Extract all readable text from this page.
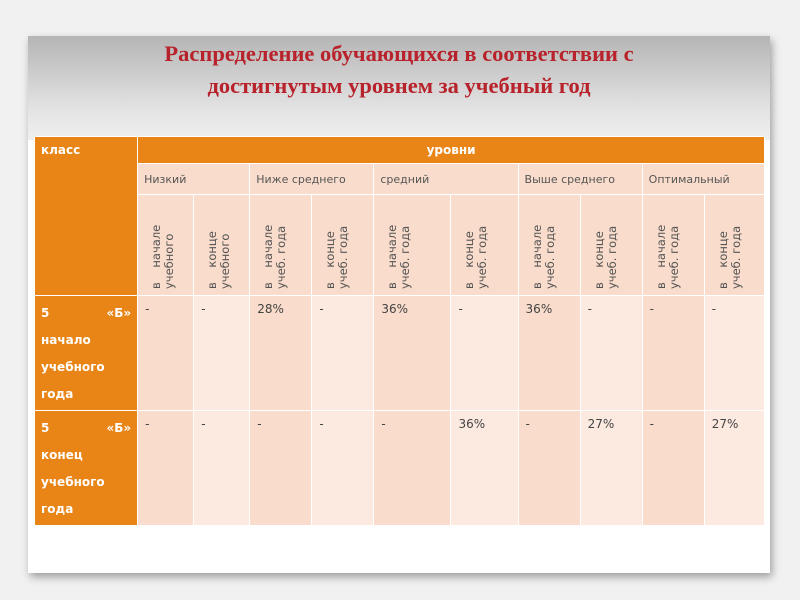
Распределение обучающихся в соответствии с
достигнутым уровнем за учебный год
класс	уровни									
	Низкий		Ниже среднего		средний		Выше среднего		Оптимальный	

	в    начале учебного	в    конце учебного	в    начале учеб. года	в    конце учеб. года	в    начале учеб. года	в    конце учеб. года	в    начале учеб. года	в    конце учеб. года	в    начале учеб. года	в    конце учеб. года

5 «Б»
начало
учебного
года	-	-	28%	-	36%	-	36%	-	-	-

5 «Б»
конец
учебного
года	-	-	-	-	-	36%	-	27%	-	27%
